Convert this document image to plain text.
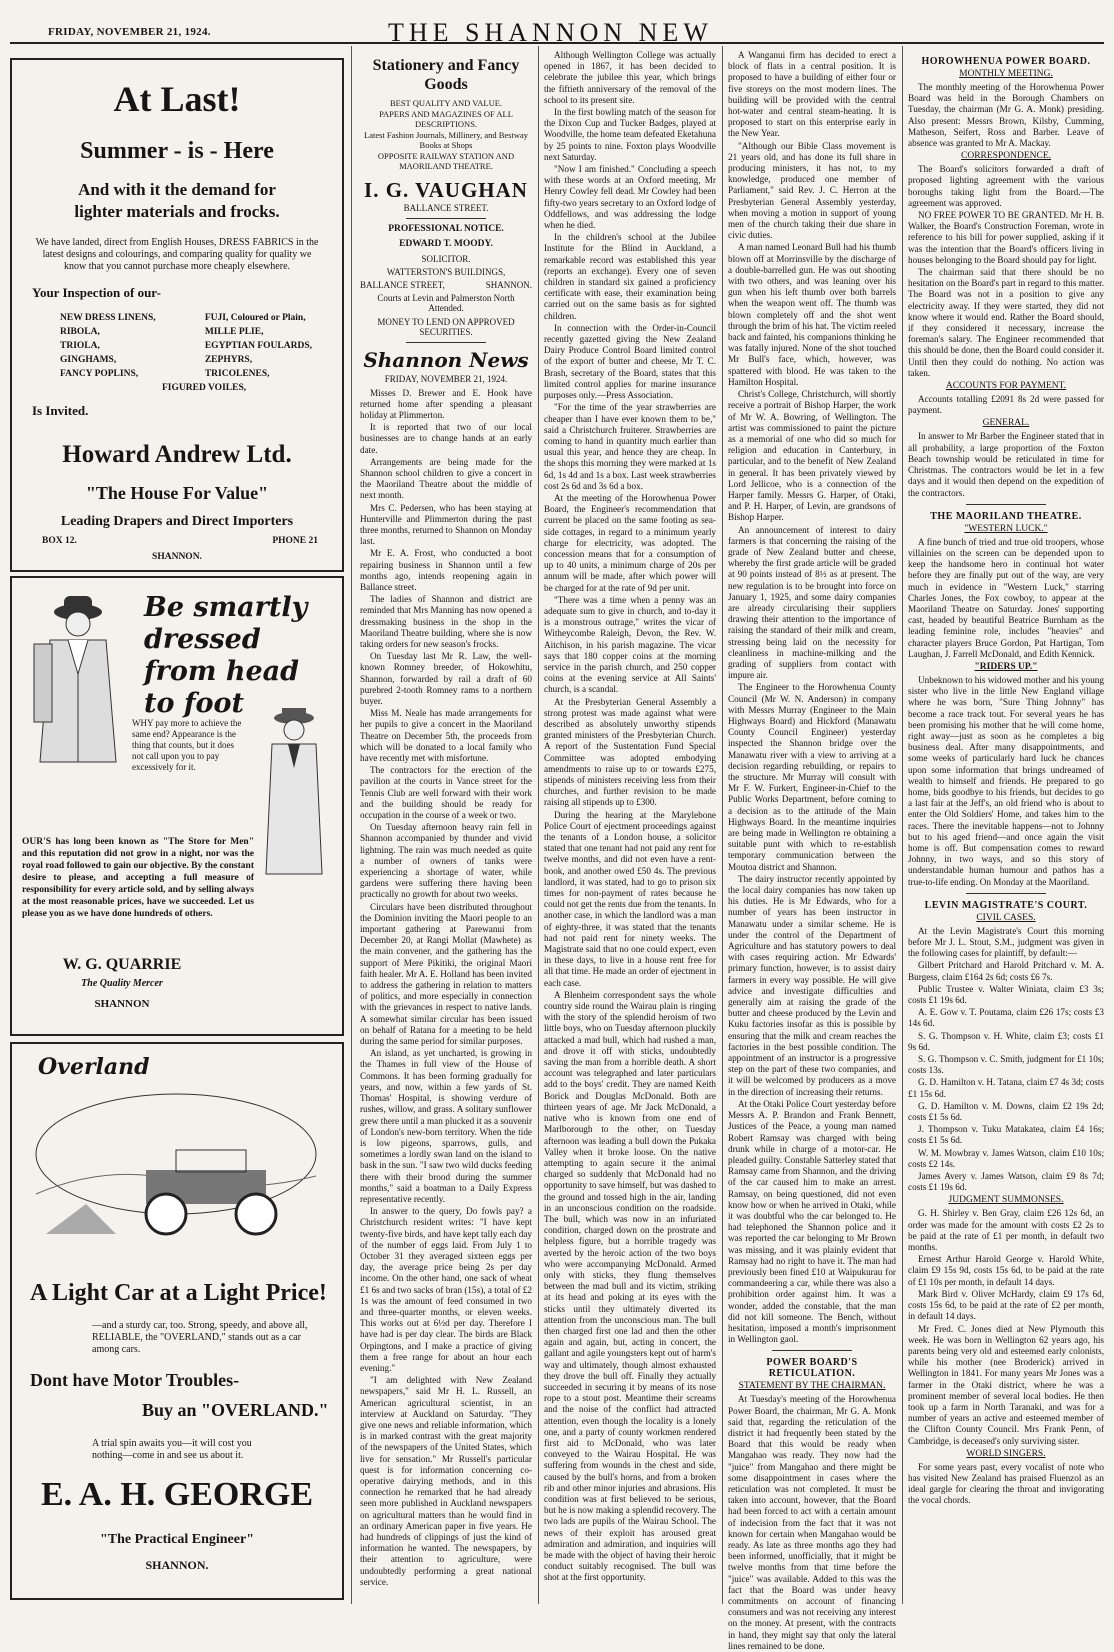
FRIDAY, NOVEMBER 21, 1924.	THE SHANNON NEW
At Last!
Summer - is - Here
And with it the demand for lighter materials and frocks.
We have landed, direct from English Houses, DRESS FABRICS in the latest designs and colourings, and comparing quality for quality we know that you cannot purchase more cheaply elsewhere.
Your Inspection of our-
NEW DRESS LINENS,
RIBOLA,
TRIOLA,
GINGHAMS,
FANCY POPLINS,
FUJI, Coloured or Plain,
MILLE PLIE,
EGYPTIAN FOULARDS,
ZEPHYRS,
TRICOLENES,
FIGURED VOILES,
Is Invited.
Howard Andrew Ltd.
"The House For Value"
Leading Drapers and Direct Importers
BOX 12.	PHONE 21
SHANNON.
Be smartly dressed from head to foot
WHY pay more to achieve the same end? Appearance is the thing that counts, but it does not call upon you to pay excessively for it.
OUR'S has long been known as "The Store for Men" and this reputation did not grow in a night, nor was the royal road followed to gain our objective. By the constant desire to please, and accepting a full measure of responsibility for every article sold, and by selling always at the most reasonable prices, have we succeeded. Let us please you as we have done hundreds of others.
W. G. QUARRIE
The Quality Mercer
SHANNON
Overland
A Light Car at a Light Price!
—and a sturdy car, too. Strong, speedy, and above all, RELIABLE, the "OVERLAND," stands out as a car among cars.
Dont have Motor Troubles-
Buy an "OVERLAND."
A trial spin awaits you—it will cost you nothing—come in and see us about it.
E. A. H. GEORGE
"The Practical Engineer"
SHANNON.
Stationery and Fancy Goods
BEST QUALITY AND VALUE.
PAPERS AND MAGAZINES OF ALL DESCRIPTIONS.
Latest Fashion Journals, Millinery, and Bestway Books at Shops
OPPOSITE RAILWAY STATION AND MAORILAND THEATRE.
I. G. VAUGHAN
BALLANCE STREET.
PROFESSIONAL NOTICE.
EDWARD T. MOODY.
SOLICITOR.
WATTERSTON'S BUILDINGS,
BALLANCE STREET,	SHANNON.
Courts at Levin and Palmerston North Attended.
MONEY TO LEND ON APPROVED SECURITIES.
Shannon News
FRIDAY, NOVEMBER 21, 1924.

Misses D. Brewer and E. Hook have returned home after spending a pleasant holiday at Plimmerton.

It is reported that two of our local businesses are to change hands at an early date.

Arrangements are being made for the Shannon school children to give a concert in the Maoriland Theatre about the middle of next month.

Mrs C. Pedersen, who has been staying at Hunterville and Plimmerton during the past three months, returned to Shannon on Monday last.

Mr E. A. Frost, who conducted a boot repairing business in Shannon until a few months ago, intends reopening again in Ballance street.

The ladies of Shannon and district are reminded that Mrs Manning has now opened a dressmaking business in the shop in the Maoriland Theatre building, where she is now taking orders for new season's frocks.

On Tuesday last Mr R. Law, the well-known Romney breeder, of Hokowhitu, Shannon, forwarded by rail a draft of 60 purebred 2-tooth Romney rams to a northern buyer.

Miss M. Neale has made arrangements for her pupils to give a concert in the Maoriland Theatre on December 5th, the proceeds from which will be donated to a local family who have recently met with misfortune.

The contractors for the erection of the pavilion at the courts in Vance street for the Tennis Club are well forward with their work and the building should be ready for occupation in the course of a week or two.

On Tuesday afternoon heavy rain fell in Shannon accompanied by thunder and vivid lightning. The rain was much needed as quite a number of owners of tanks were experiencing a shortage of water, while gardens were suffering there having been practically no growth for about two weeks.

Circulars have been distributed throughout the Dominion inviting the Maori people to an important gathering at Parewanui from December 20, at Rangi Mollat (Mawhete) as the main convener, and the gathering has the support of Mere Pikitiki, the original Maori faith healer. Mr A. E. Holland has been invited to address the gathering in relation to matters of politics, and more especially in connection with the grievances in respect to native lands. A somewhat similar circular has been issued on behalf of Ratana for a meeting to be held during the same period for similar purposes.

An island, as yet uncharted, is growing in the Thames in full view of the House of Commons. It has been forming gradually for years, and now, within a few yards of St. Thomas' Hospital, is showing verdure of rushes, willow, and grass. A solitary sunflower grew there until a man plucked it as a souvenir of London's new-born territory. When the tide is low pigeons, sparrows, gulls, and sometimes a lordly swan land on the island to bask in the sun. "I saw two wild ducks feeding there with their brood during the summer months," said a boatman to a Daily Express representative recently.

In answer to the query, Do fowls pay? a Christchurch resident writes: "I have kept twenty-five birds, and have kept tally each day of the number of eggs laid. From July 1 to October 31 they averaged sixteen eggs per day, the average price being 2s per day income. On the other hand, one sack of wheat £1 6s and two sacks of bran (15s), a total of £2 1s was the amount of feed consumed in two and three-quarter months, or eleven weeks. This works out at 6½d per day. Therefore I have had is per day clear. The birds are Black Orpingtons, and I make a practice of giving them a free range for about an hour each evening."

"I am delighted with New Zealand newspapers," said Mr H. L. Russell, an American agricultural scientist, in an interview at Auckland on Saturday. "They give one news and reliable information, which is in marked contrast with the great majority of the newspapers of the United States, which live for sensation." Mr Russell's particular quest is for information concerning co-operative dairying methods, and in this connection he remarked that he had already seen more published in Auckland newspapers on agricultural matters than he would find in an ordinary American paper in five years. He had hundreds of clippings of just the kind of information he wanted. The newspapers, by their attention to agriculture, were undoubtedly performing a great national service.

Although Wellington College was actually opened in 1867, it has been decided to celebrate the jubilee this year, which brings the fiftieth anniversary of the removal of the school to its present site.

In the first bowling match of the season for the Dixon Cup and Tucker Badges, played at Woodville, the home team defeated Eketahuna by 25 points to nine. Foxton plays Woodville next Saturday.

"Now I am finished." Concluding a speech with these words at an Oxford meeting, Mr Henry Cowley fell dead. Mr Cowley had been fifty-two years secretary to an Oxford lodge of Oddfellows, and was addressing the lodge when he died.

In the children's school at the Jubilee Institute for the Blind in Auckland, a remarkable record was established this year (reports an exchange). Every one of seven children in standard six gained a proficiency certificate with ease, their examination being carried out on the same basis as for sighted children.

In connection with the Order-in-Council recently gazetted giving the New Zealand Dairy Produce Control Board limited control of the export of butter and cheese, Mr T. C. Brash, secretary of the Board, states that this limited control applies for marine insurance purposes only.—Press Association.

"For the time of the year strawberries are cheaper than I have ever known them to be," said a Christchurch fruiterer. Strawberries are coming to hand in quantity much earlier than usual this year, and hence they are cheap. In the shops this morning they were marked at 1s 6d, 1s 4d and 1s a box. Last week strawberries cost 2s 6d and 3s 6d a box.

At the meeting of the Horowhenua Power Board, the Engineer's recommendation that current be placed on the same footing as sea-side cottages, in regard to a minimum yearly charge for electricity, was adopted. The concession means that for a consumption of up to 40 units, a minimum charge of 20s per annum will be made, after which power will be charged for at the rate of 9d per unit.

"There was a time when a penny was an adequate sum to give in church, and to-day it is a monstrous outrage," writes the vicar of Witheycombe Raleigh, Devon, the Rev. W. Aitchison, in his parish magazine. The vicar says that 180 copper coins at the morning service in the parish church, and 250 copper coins at the evening service at All Saints' church, is a scandal.

At the Presbyterian General Assembly a strong protest was made against what were described as absolutely unworthy stipends granted ministers of the Presbyterian Church. A report of the Sustentation Fund Special Committee was adopted embodying amendments to raise up to or towards £275, stipends of ministers receiving less from their churches, and further revision to be made raising all stipends up to £300.

During the hearing at the Marylebone Police Court of ejectment proceedings against the tenants of a London house, a solicitor stated that one tenant had not paid any rent for twelve months, and did not even have a rent-book, and another owed £50 4s. The previous landlord, it was stated, had to go to prison six times for non-payment of rates because he could not get the rents due from the tenants. In another case, in which the landlord was a man of eighty-three, it was stated that the tenants had not paid rent for ninety weeks. The Magistrate said that no one could expect, even in these days, to live in a house rent free for all that time. He made an order of ejectment in each case.

A Blenheim correspondent says the whole country side round the Wairau plain is ringing with the story of the splendid heroism of two little boys, who on Tuesday afternoon pluckily attacked a mad bull, which had rushed a man, and drove it off with sticks, undoubtedly saving the man from a horrible death. A short account was telegraphed and later particulars add to the boys' credit. They are named Keith Borick and Douglas McDonald. Both are thirteen years of age. Mr Jack McDonald, a native who is known from one end of Marlborough to the other, on Tuesday afternoon was leading a bull down the Pukaka Valley when it broke loose. On the native attempting to again secure it the animal charged so suddenly that McDonald had no opportunity to save himself, but was dashed to the ground and tossed high in the air, landing in an unconscious condition on the roadside. The bull, which was now in an infuriated condition, charged down on the prostrate and helpless figure, but a horrible tragedy was averted by the heroic action of the two boys who were accompanying McDonald. Armed only with sticks, they flung themselves between the mad bull and its victim, striking at its head and poking at its eyes with the sticks until they ultimately diverted its attention from the unconscious man. The bull then charged first one lad and then the other again and again, but, acting in concert, the gallant and agile youngsters kept out of harm's way and ultimately, though almost exhausted they drove the bull off. Finally they actually succeeded in securing it by means of its nose rope to a stout post. Meantime their screams and the noise of the conflict had attracted attention, even though the locality is a lonely one, and a party of county workmen rendered first aid to McDonald, who was later conveyed to the Wairau Hospital. He was suffering from wounds in the chest and side, caused by the bull's horns, and from a broken rib and other minor injuries and abrasions. His condition was at first believed to be serious, but he is now making a splendid recovery. The two lads are pupils of the Wairau School. The news of their exploit has aroused great admiration and admiration, and inquiries will be made with the object of having their heroic conduct suitably recognised. The bull was shot at the first opportunity.

A Wanganui firm has decided to erect a block of flats in a central position. It is proposed to have a building of either four or five storeys on the most modern lines. The building will be provided with the central hot-water and central steam-heating. It is proposed to start on this enterprise early in the New Year.

"Although our Bible Class movement is 21 years old, and has done its full share in producing ministers, it has not, to my knowledge, produced one member of Parliament," said Rev. J. C. Herron at the Presbyterian General Assembly yesterday, when moving a motion in support of young men of the church taking their due share in civic duties.

A man named Leonard Bull had his thumb blown off at Morrinsville by the discharge of a double-barrelled gun. He was out shooting with two others, and was leaning over his gun when his left thumb over both barrels when the weapon went off. The thumb was blown completely off and the shot went through the brim of his hat. The victim reeled back and fainted, his companions thinking he was fatally injured. None of the shot touched Mr Bull's face, which, however, was spattered with blood. He was taken to the Hamilton Hospital.

Christ's College, Christchurch, will shortly receive a portrait of Bishop Harper, the work of Mr W. A. Bowring, of Wellington. The artist was commissioned to paint the picture as a memorial of one who did so much for religion and education in Canterbury, in particular, and to the benefit of New Zealand in general. It has been privately viewed by Lord Jellicoe, who is a connection of the Harper family. Messrs G. Harper, of Otaki, and P. H. Harper, of Levin, are grandsons of Bishop Harper.

An announcement of interest to dairy farmers is that concerning the raising of the grade of New Zealand butter and cheese, whereby the first grade article will be graded at 90 points instead of 8½ as at present. The new regulation is to be brought into force on January 1, 1925, and some dairy companies are already circularising their suppliers drawing their attention to the importance of raising the standard of their milk and cream, stressing being laid on the necessity for cleanliness in machine-milking and the grading of suppliers from contact with impure air.

The Engineer to the Horowhenua County Council (Mr W. N. Anderson) in company with Messrs Murray (Engineer to the Main Highways Board) and Hickford (Manawatu County Council Engineer) yesterday inspected the Shannon bridge over the Manawatu river with a view to arriving at a decision regarding rebuilding, or repairs to the structure. Mr Murray will consult with Mr F. W. Furkert, Engineer-in-Chief to the Public Works Department, before coming to a decision as to the attitude of the Main Highways Board. In the meantime inquiries are being made in Wellington re obtaining a suitable punt with which to re-establish temporary communication between the Moutoa district and Shannon.

The dairy instructor recently appointed by the local dairy companies has now taken up his duties. He is Mr Edwards, who for a number of years has been instructor in Manawatu under a similar scheme. He is under the control of the Department of Agriculture and has statutory powers to deal with cases requiring action. Mr Edwards' primary function, however, is to assist dairy farmers in every way possible. He will give advice and investigate difficulties and generally aim at raising the grade of the butter and cheese produced by the Levin and Kuku factories insofar as this is possible by ensuring that the milk and cream reaches the factories in the best possible condition. The appointment of an instructor is a progressive step on the part of these two companies, and it will be welcomed by producers as a move in the direction of increasing their returns.

At the Otaki Police Court yesterday before Messrs A. P. Brandon and Frank Bennett, Justices of the Peace, a young man named Robert Ramsay was charged with being drunk while in charge of a motor-car. He pleaded guilty. Constable Satterley stated that Ramsay came from Shannon, and the driving of the car caused him to make an arrest. Ramsay, on being questioned, did not even know how or when he arrived in Otaki, while it was doubtful who the car belonged to. He had telephoned the Shannon police and it was reported the car belonging to Mr Brown was missing, and it was plainly evident that Ramsay had no right to have it. The man had previously been fined £10 at Waipukurau for commandeering a car, while there was also a prohibition order against him. It was a wonder, added the constable, that the man did not kill someone. The Bench, without hesitation, imposed a month's imprisonment in Wellington gaol.

POWER BOARD'S RETICULATION.
STATEMENT BY THE CHAIRMAN.

At Tuesday's meeting of the Horowhenua Power Board, the chairman, Mr G. A. Monk said that, regarding the reticulation of the district it had frequently been stated by the Board that this would be ready when Mangahao was ready. They now had the "juice" from Mangahao and there might be some disappointment in cases where the reticulation was not completed. It must be taken into account, however, that the Board had been forced to act with a certain amount of indecision from the fact that it was not known for certain when Mangahao would be ready. As late as three months ago they had been informed, unofficially, that it might be twelve months from that time before the "juice" was available. Added to this was the fact that the Board was under heavy commitments on account of financing consumers and was not receiving any interest on the money. At present, with the contracts in hand, they might say that only the lateral lines remained to be done.

HOROWHENUA POWER BOARD.
MONTHLY MEETING.

The monthly meeting of the Horowhenua Power Board was held in the Borough Chambers on Tuesday, the chairman (Mr G. A. Monk) presiding. Also present: Messrs Brown, Kilsby, Cumming, Matheson, Seifert, Ross and Barber. Leave of absence was granted to Mr A. Mackay.

CORRESPONDENCE.

The Board's solicitors forwarded a draft of proposed lighting agreement with the various boroughs taking light from the Board.—The agreement was approved.

NO FREE POWER TO BE GRANTED. Mr H. B. Walker, the Board's Construction Foreman, wrote in reference to his bill for power supplied, asking if it was the intention that the Board's officers living in houses belonging to the Board should pay for light.

The chairman said that there should be no hesitation on the Board's part in regard to this matter. The Board was not in a position to give any electricity away. If they were started, they did not know where it would end. Rather the Board should, if they considered it necessary, increase the foreman's salary. The Engineer recommended that this should be done, then the Board could consider it. Until then they could do nothing. No action was taken.

ACCOUNTS FOR PAYMENT.

Accounts totalling £2091 8s 2d were passed for payment.

GENERAL.

In answer to Mr Barber the Engineer stated that in all probability, a large proportion of the Foxton Beach township would be reticulated in time for Christmas. The contractors would be let in a few days and it would then depend on the expedition of the contractors.

THE MAORILAND THEATRE.
"WESTERN LUCK."

A fine bunch of tried and true old troopers, whose villainies on the screen can be depended upon to keep the handsome hero in continual hot water before they are finally put out of the way, are very much in evidence in "Western Luck," starring Charles Jones, the Fox cowboy, to appear at the Maoriland Theatre on Saturday. Jones' supporting cast, headed by beautiful Beatrice Burnham as the leading feminine role, includes "heavies" and character players Bruce Gordon, Pat Hartigan, Tom Laughan, J. Farrell McDonald, and Edith Kennick.

"RIDERS UP."

Unbeknown to his widowed mother and his young sister who live in the little New England village where he was born, "Sure Thing Johnny" has become a race track tout. For several years he has been promising his mother that he will come home, right away—just as soon as he completes a big business deal. After many disappointments, and some weeks of particularly hard luck he chances upon some information that brings undreamed of wealth to himself and friends. He prepared to go home, bids goodbye to his friends, but decides to go a last fair at the Jeff's, an old friend who is about to enter the Old Soldiers' Home, and takes him to the races. There the inevitable happens—not to Johnny but to his aged friend—and once again the visit home is off. But compensation comes to reward Johnny, in two ways, and so this story of understandable human humour and pathos has a true-to-life ending. On Monday at the Maoriland.

LEVIN MAGISTRATE'S COURT.
CIVIL CASES.

At the Levin Magistrate's Court this morning before Mr J. L. Stout, S.M., judgment was given in the following cases for plaintiff, by default:—

Gilbert Pritchard and Harold Pritchard v. M. A. Burgess, claim £164 2s 6d; costs £6 7s.

Public Trustee v. Walter Winiata, claim £3 3s; costs £1 19s 6d.

A. E. Gow v. T. Poutama, claim £26 17s; costs £3 14s 6d.

S. G. Thompson v. H. White, claim £3; costs £1 9s 6d.

S. G. Thompson v. C. Smith, judgment for £1 10s; costs 13s.

G. D. Hamilton v. H. Tatana, claim £7 4s 3d; costs £1 15s 6d.

G. D. Hamilton v. M. Downs, claim £2 19s 2d; costs £1 5s 6d.

J. Thompson v. Tuku Matakatea, claim £4 16s; costs £1 5s 6d.

W. M. Mowbray v. James Watson, claim £10 10s; costs £2 14s.

James Avery v. James Watson, claim £9 8s 7d; costs £1 19s 6d.

JUDGMENT SUMMONSES.

G. H. Shirley v. Ben Gray, claim £26 12s 6d, an order was made for the amount with costs £2 2s to be paid at the rate of £1 per month, in default two months.

Ernest Arthur Harold George v. Harold White, claim £9 15s 9d, costs 15s 6d, to be paid at the rate of £1 10s per month, in default 14 days.

Mark Bird v. Oliver McHardy, claim £9 17s 6d, costs 15s 6d, to be paid at the rate of £2 per month, in default 14 days.

Mr Fred. C. Jones died at New Plymouth this week. He was born in Wellington 62 years ago, his parents being very old and esteemed early colonists, while his mother (nee Broderick) arrived in Wellington in 1841. For many years Mr Jones was a farmer in the Otaki district, where he was a prominent member of several local bodies. He then took up a farm in North Taranaki, and was for a number of years an active and esteemed member of the Clifton County Council. Mrs Frank Penn, of Cambridge, is deceased's only surviving sister.

WORLD SINGERS.

For some years past, every vocalist of note who has visited New Zealand has praised Fluenzol as an ideal gargle for clearing the throat and invigorating the vocal chords.
